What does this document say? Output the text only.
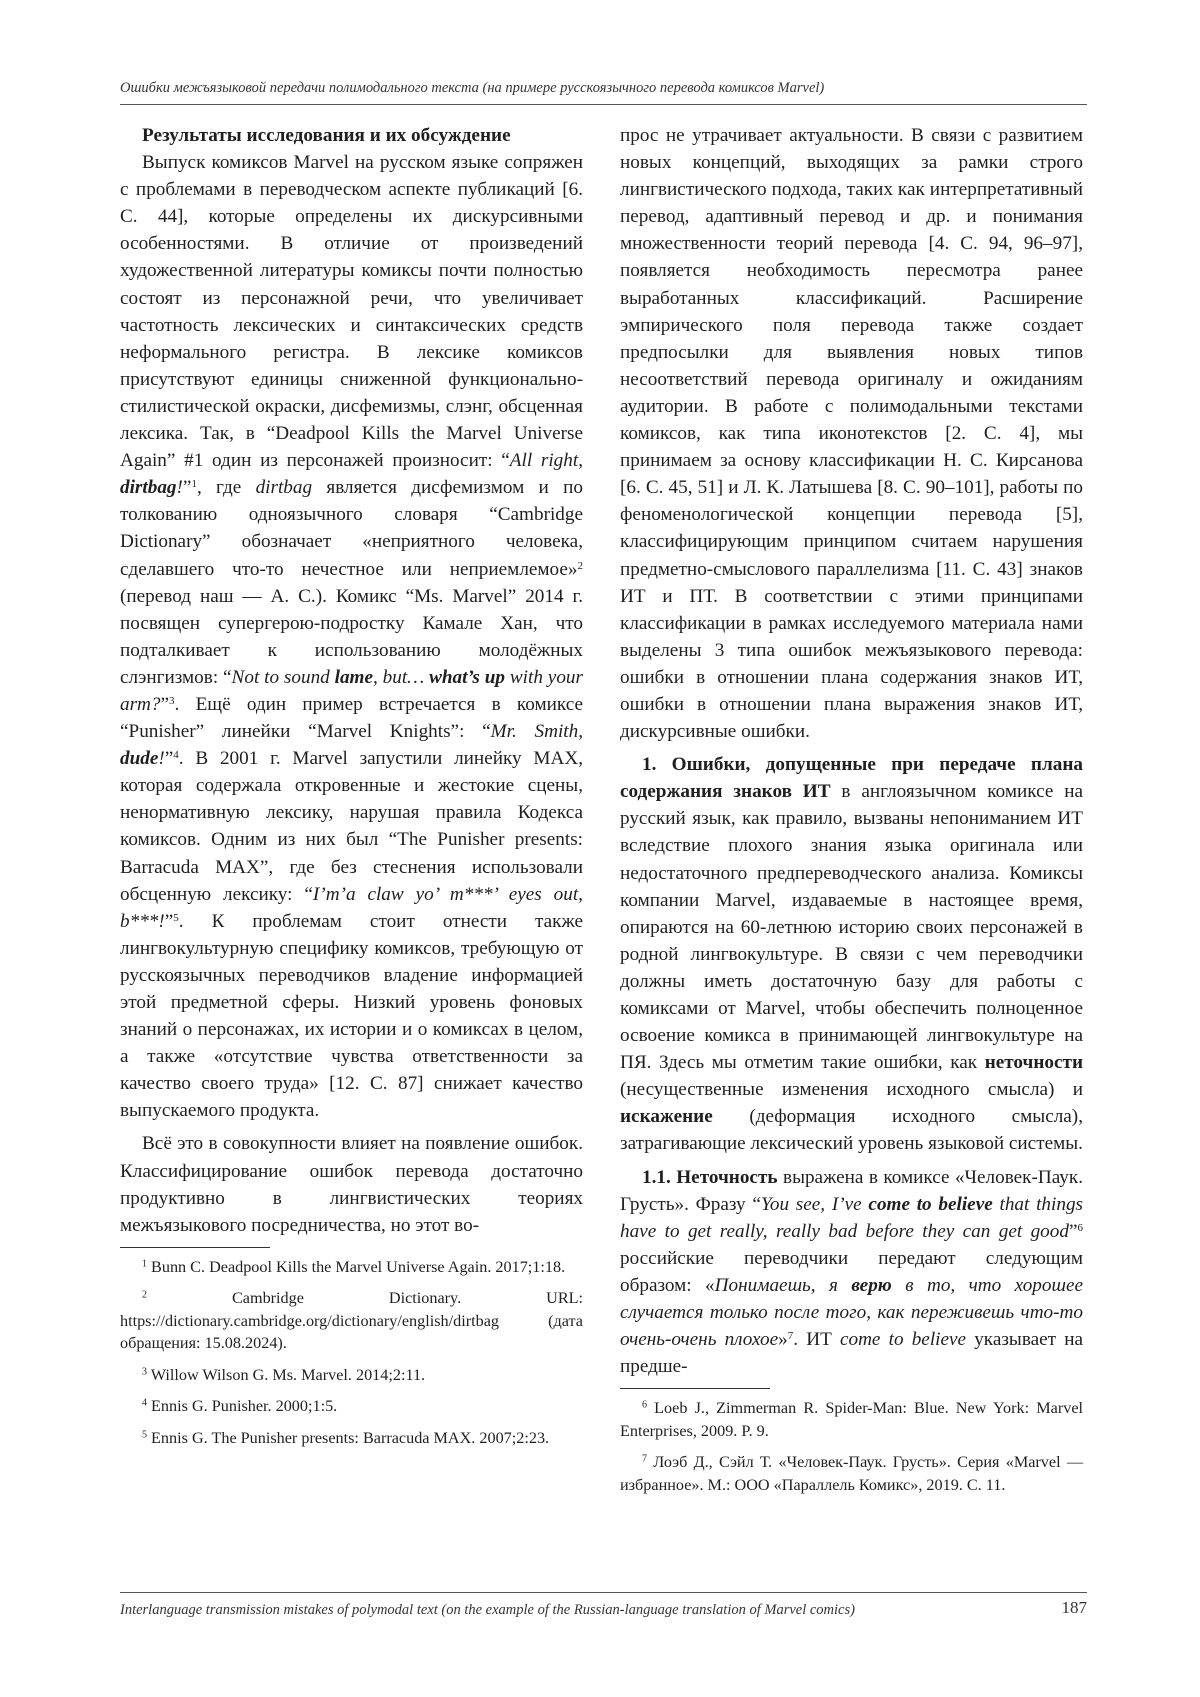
Ошибки межъязыковой передачи полимодального текста (на примере русскоязычного перевода комиксов Marvel)

Результаты исследования и их обсуждение

Выпуск комиксов Marvel на русском языке сопряжен с проблемами в переводческом аспекте публикаций [6. С. 44], которые определены их дискурсивными особенностями. В отличие от произведений художественной литературы комиксы почти полностью состоят из персонажной речи, что увеличивает частотность лексических и синтаксических средств неформального регистра. В лексике комиксов присутствуют единицы сниженной функционально-стилистической окраски, дисфемизмы, слэнг, обсценная лексика. Так, в “Deadpool Kills the Marvel Universe Again” #1 один из персонажей произносит: “All right, dirtbag!”$^1$, где dirtbag является дисфемизмом и по толкованию одноязычного словаря “Cambridge Dictionary” обозначает «неприятного человека, сделавшего что-то нечестное или неприемлемое»$^2$ (перевод наш — А. С.). Комикс “Ms. Marvel” 2014 г. посвящен супергерою-подростку Камале Хан, что подталкивает к использованию молодёжных слэнгизмов: “Not to sound lame, but… what’s up with your arm?”$^3$. Ещё один пример встречается в комиксе “Punisher” линейки “Marvel Knights”: “Mr. Smith, dude!”$^4$. В 2001 г. Marvel запустили линейку MAX, которая содержала откровенные и жестокие сцены, ненормативную лексику, нарушая правила Кодекса комиксов. Одним из них был “The Punisher presents: Barracuda MAX”, где без стеснения использовали обсценную лексику: “I’m’a claw yo’ m***’ eyes out, b***!”$^5$. К проблемам стоит отнести также лингвокультурную специфику комиксов, требующую от русскоязычных переводчиков владение информацией этой предметной сферы. Низкий уровень фоновых знаний о персонажах, их истории и о комиксах в целом, а также «отсутствие чувства ответственности за качество своего труда» [12. С. 87] снижает качество выпускаемого продукта.

Всё это в совокупности влияет на появление ошибок. Классифицирование ошибок перевода достаточно продуктивно в лингвистических теориях межъязыкового посредничества, но этот во-

$^1$ Bunn C. Deadpool Kills the Marvel Universe Again. 2017;1:18.

$^2$	Cambridge Dictionary. URL: https://dictionary.cambridge.org/dictionary/english/dirtbag (дата обращения: 15.08.2024).

$^3$ Willow Wilson G. Ms. Marvel. 2014;2:11.

$^4$ Ennis G. Punisher. 2000;1:5.

$^5$ Ennis G. The Punisher presents: Barracuda MAX. 2007;2:23.

прос не утрачивает актуальности. В связи с развитием новых концепций, выходящих за рамки строго лингвистического подхода, таких как интерпретативный перевод, адаптивный перевод и др. и понимания множественности теорий перевода [4. С. 94, 96–97], появляется необходимость пересмотра ранее выработанных классификаций. Расширение эмпирического поля перевода также создает предпосылки для выявления новых типов несоответствий перевода оригиналу и ожиданиям аудитории. В работе с полимодальными текстами комиксов, как типа иконотекстов [2. С. 4], мы принимаем за основу классификации Н. С. Кирсанова [6. С. 45, 51] и Л. К. Латышева [8. С. 90–101], работы по феноменологической концепции перевода [5], классифицирующим принципом считаем нарушения предметно-смыслового параллелизма [11. С. 43] знаков ИТ и ПТ. В соответствии с этими принципами классификации в рамках исследуемого материала нами выделены 3 типа ошибок межъязыкового перевода: ошибки в отношении плана содержания знаков ИТ, ошибки в отношении плана выражения знаков ИТ, дискурсивные ошибки.

1. Ошибки, допущенные при передаче плана содержания знаков ИТ в англоязычном комиксе на русский язык, как правило, вызваны непониманием ИТ вследствие плохого знания языка оригинала или недостаточного предпереводческого анализа. Комиксы компании Marvel, издаваемые в настоящее время, опираются на 60-летнюю историю своих персонажей в родной лингвокультуре. В связи с чем переводчики должны иметь достаточную базу для работы с комиксами от Marvel, чтобы обеспечить полноценное освоение комикса в принимающей лингвокультуре на ПЯ. Здесь мы отметим такие ошибки, как неточности (несущественные изменения исходного смысла) и искажение (деформация исходного смысла), затрагивающие лексический уровень языковой системы.

1.1. Неточность выражена в комиксе «Человек-Паук. Грусть». Фразу “You see, I’ve come to believe that things have to get really, really bad before they can get good”$^6$ российские переводчики передают следующим образом: «Понимаешь, я верю в то, что хорошее случается только после того, как переживешь что-то очень-очень плохое»$^7$. ИТ come to believe указывает на предше-

$^6$ Loeb J., Zimmerman R. Spider-Man: Blue. New York: Marvel Enterprises, 2009. P. 9.

$^7$ Лоэб Д., Сэйл Т. «Человек-Паук. Грусть». Серия «Marvel — избранное». М.: ООО «Параллель Комикс», 2019. С. 11.

Interlanguage transmission mistakes of polymodal text (on the example of the Russian-language translation of Marvel comics)	187
